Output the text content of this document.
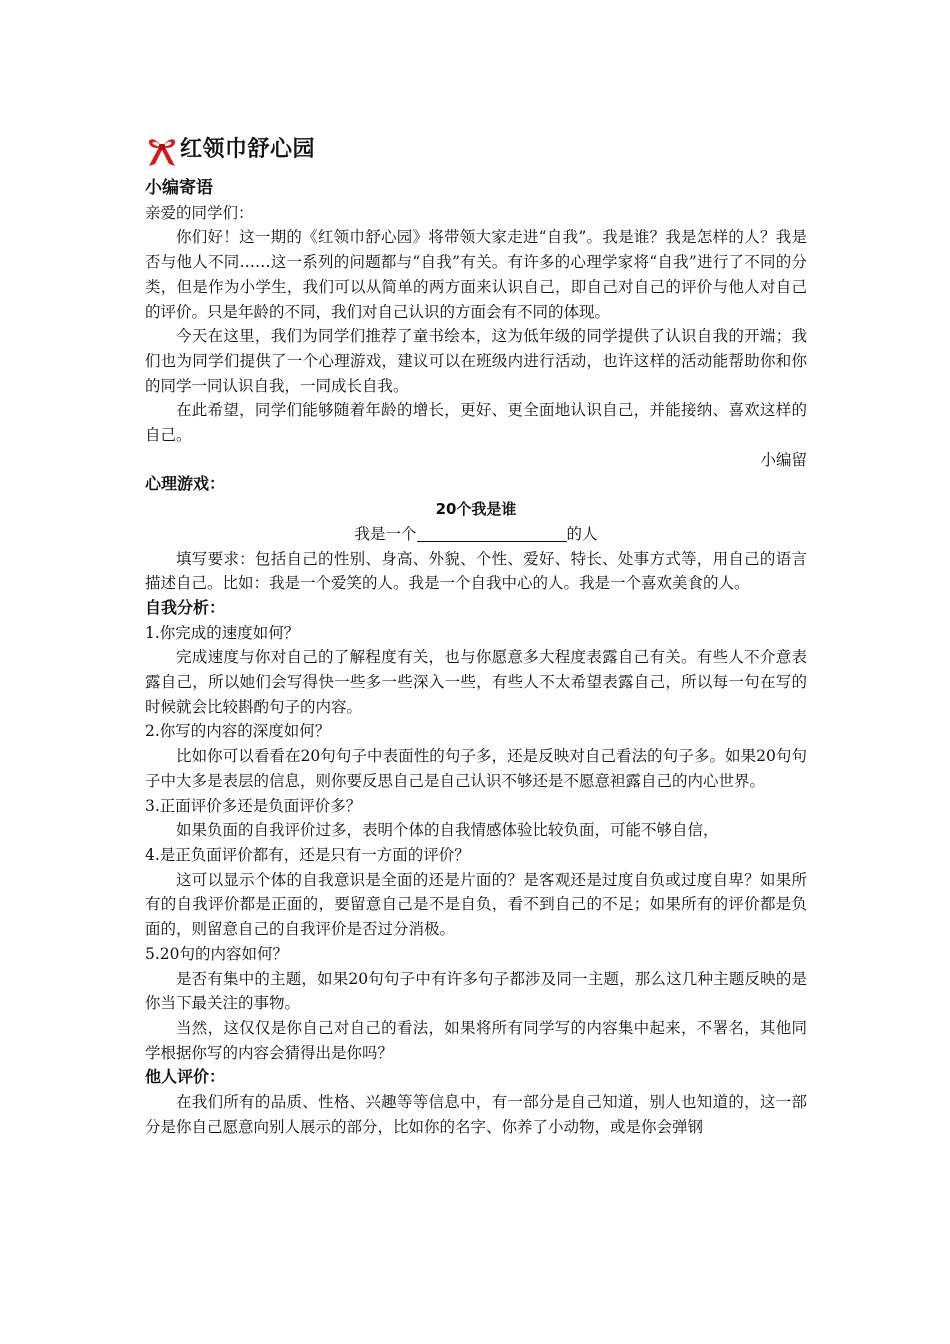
红领巾舒心园
小编寄语

亲爱的同学们：

你们好！这一期的《红领巾舒心园》将带领大家走进“自我”。我是谁？我是怎样的人？我是否与他人不同……这一系列的问题都与“自我”有关。有许多的心理学家将“自我”进行了不同的分类，但是作为小学生，我们可以从简单的两方面来认识自己，即自己对自己的评价与他人对自己的评价。只是年龄的不同，我们对自己认识的方面会有不同的体现。

今天在这里，我们为同学们推荐了童书绘本，这为低年级的同学提供了认识自我的开端；我们也为同学们提供了一个心理游戏，建议可以在班级内进行活动，也许这样的活动能帮助你和你的同学一同认识自我，一同成长自我。

在此希望，同学们能够随着年龄的增长，更好、更全面地认识自己，并能接纳、喜欢这样的自己。

小编留

心理游戏：

20个我是谁

我是一个	的人

填写要求：包括自己的性别、身高、外貌、个性、爱好、特长、处事方式等，用自己的语言描述自己。比如：我是一个爱笑的人。我是一个自我中心的人。我是一个喜欢美食的人。

自我分析：

1.你完成的速度如何？

完成速度与你对自己的了解程度有关，也与你愿意多大程度表露自己有关。有些人不介意表露自己，所以她们会写得快一些多一些深入一些，有些人不太希望表露自己，所以每一句在写的时候就会比较斟酌句子的内容。

2.你写的内容的深度如何？

比如你可以看看在20句句子中表面性的句子多，还是反映对自己看法的句子多。如果20句句子中大多是表层的信息，则你要反思自己是自己认识不够还是不愿意袒露自己的内心世界。

3.正面评价多还是负面评价多？

如果负面的自我评价过多，表明个体的自我情感体验比较负面，可能不够自信，

4.是正负面评价都有，还是只有一方面的评价？

这可以显示个体的自我意识是全面的还是片面的？是客观还是过度自负或过度自卑？如果所有的自我评价都是正面的，要留意自己是不是自负，看不到自己的不足；如果所有的评价都是负面的，则留意自己的自我评价是否过分消极。

5.20句的内容如何？

是否有集中的主题，如果20句句子中有许多句子都涉及同一主题，那么这几种主题反映的是你当下最关注的事物。

当然，这仅仅是你自己对自己的看法，如果将所有同学写的内容集中起来，不署名，其他同学根据你写的内容会猜得出是你吗？

他人评价：

在我们所有的品质、性格、兴趣等等信息中，有一部分是自己知道，别人也知道的，这一部分是你自己愿意向别人展示的部分，比如你的名字、你养了小动物，或是你会弹钢
